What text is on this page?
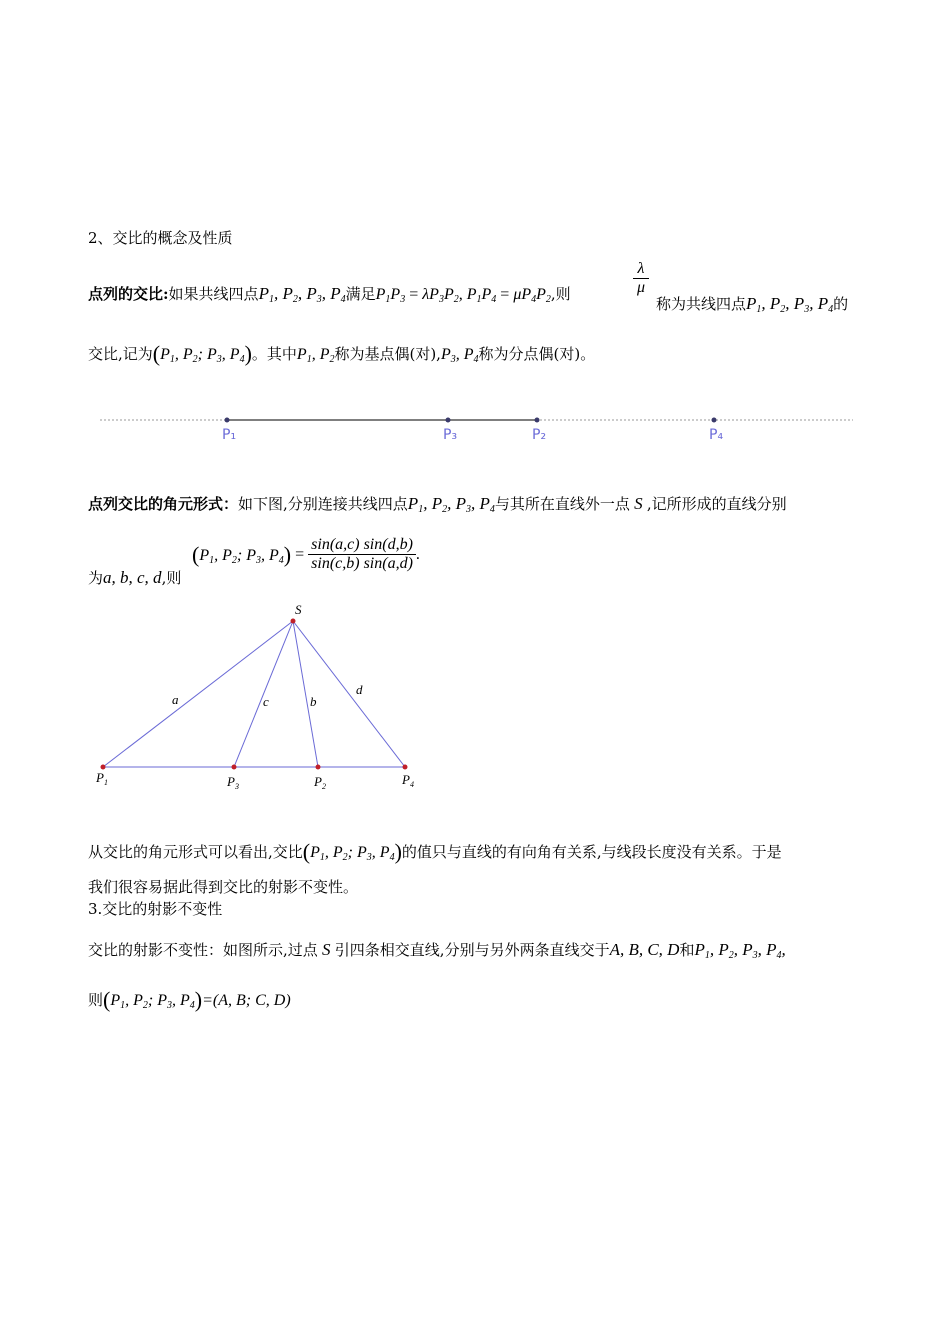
2、交比的概念及性质
点列的交比:如果共线四点$P_1$, $P_2$, $P_3$, $P_4$满足$P_1P_3 = \lambda P_3P_2$, $P_1P_4 = \mu P_4P_2$,则
λ
μ
称为共线四点$P_1$, $P_2$, $P_3$, $P_4$的
交比,记为($P_1$, $P_2$; $P_3$, $P_4$)。其中$P_1$, $P_2$称为基点偶(对)$,P_3$, $P_4$称为分点偶(对)。
P₁	P₃	P₂	P₄
点列交比的角元形式：如下图,分别连接共线四点$P_1$, $P_2$, $P_3$, $P_4$与其所在直线外一点 S ,记所形成的直线分别
为a, b, c, d,则
($P_1$, $P_2$; $P_3$, $P_4) = \frac{\sin(a,c) \sin(d,b)}{\sin(c,b) \sin(a,d)}$ .
S
a	c	b
d
$P_1$	$P_3$	$P_2$	$P_4$
从交比的角元形式可以看出,交比($P_1$, $P_2$; $P_3$, $P_4$)的值只与直线的有向角有关系,与线段长度没有关系。于是
我们很容易据此得到交比的射影不变性。
3.交比的射影不变性
交比的射影不变性：如图所示,过点 S 引四条相交直线,分别与另外两条直线交于A, B, C, D和$P_1$, $P_2$, $P_3$, $P_4$,
则($P_1$, $P_2$; $P_3$, $P_4)=(A$, B; C, D)
